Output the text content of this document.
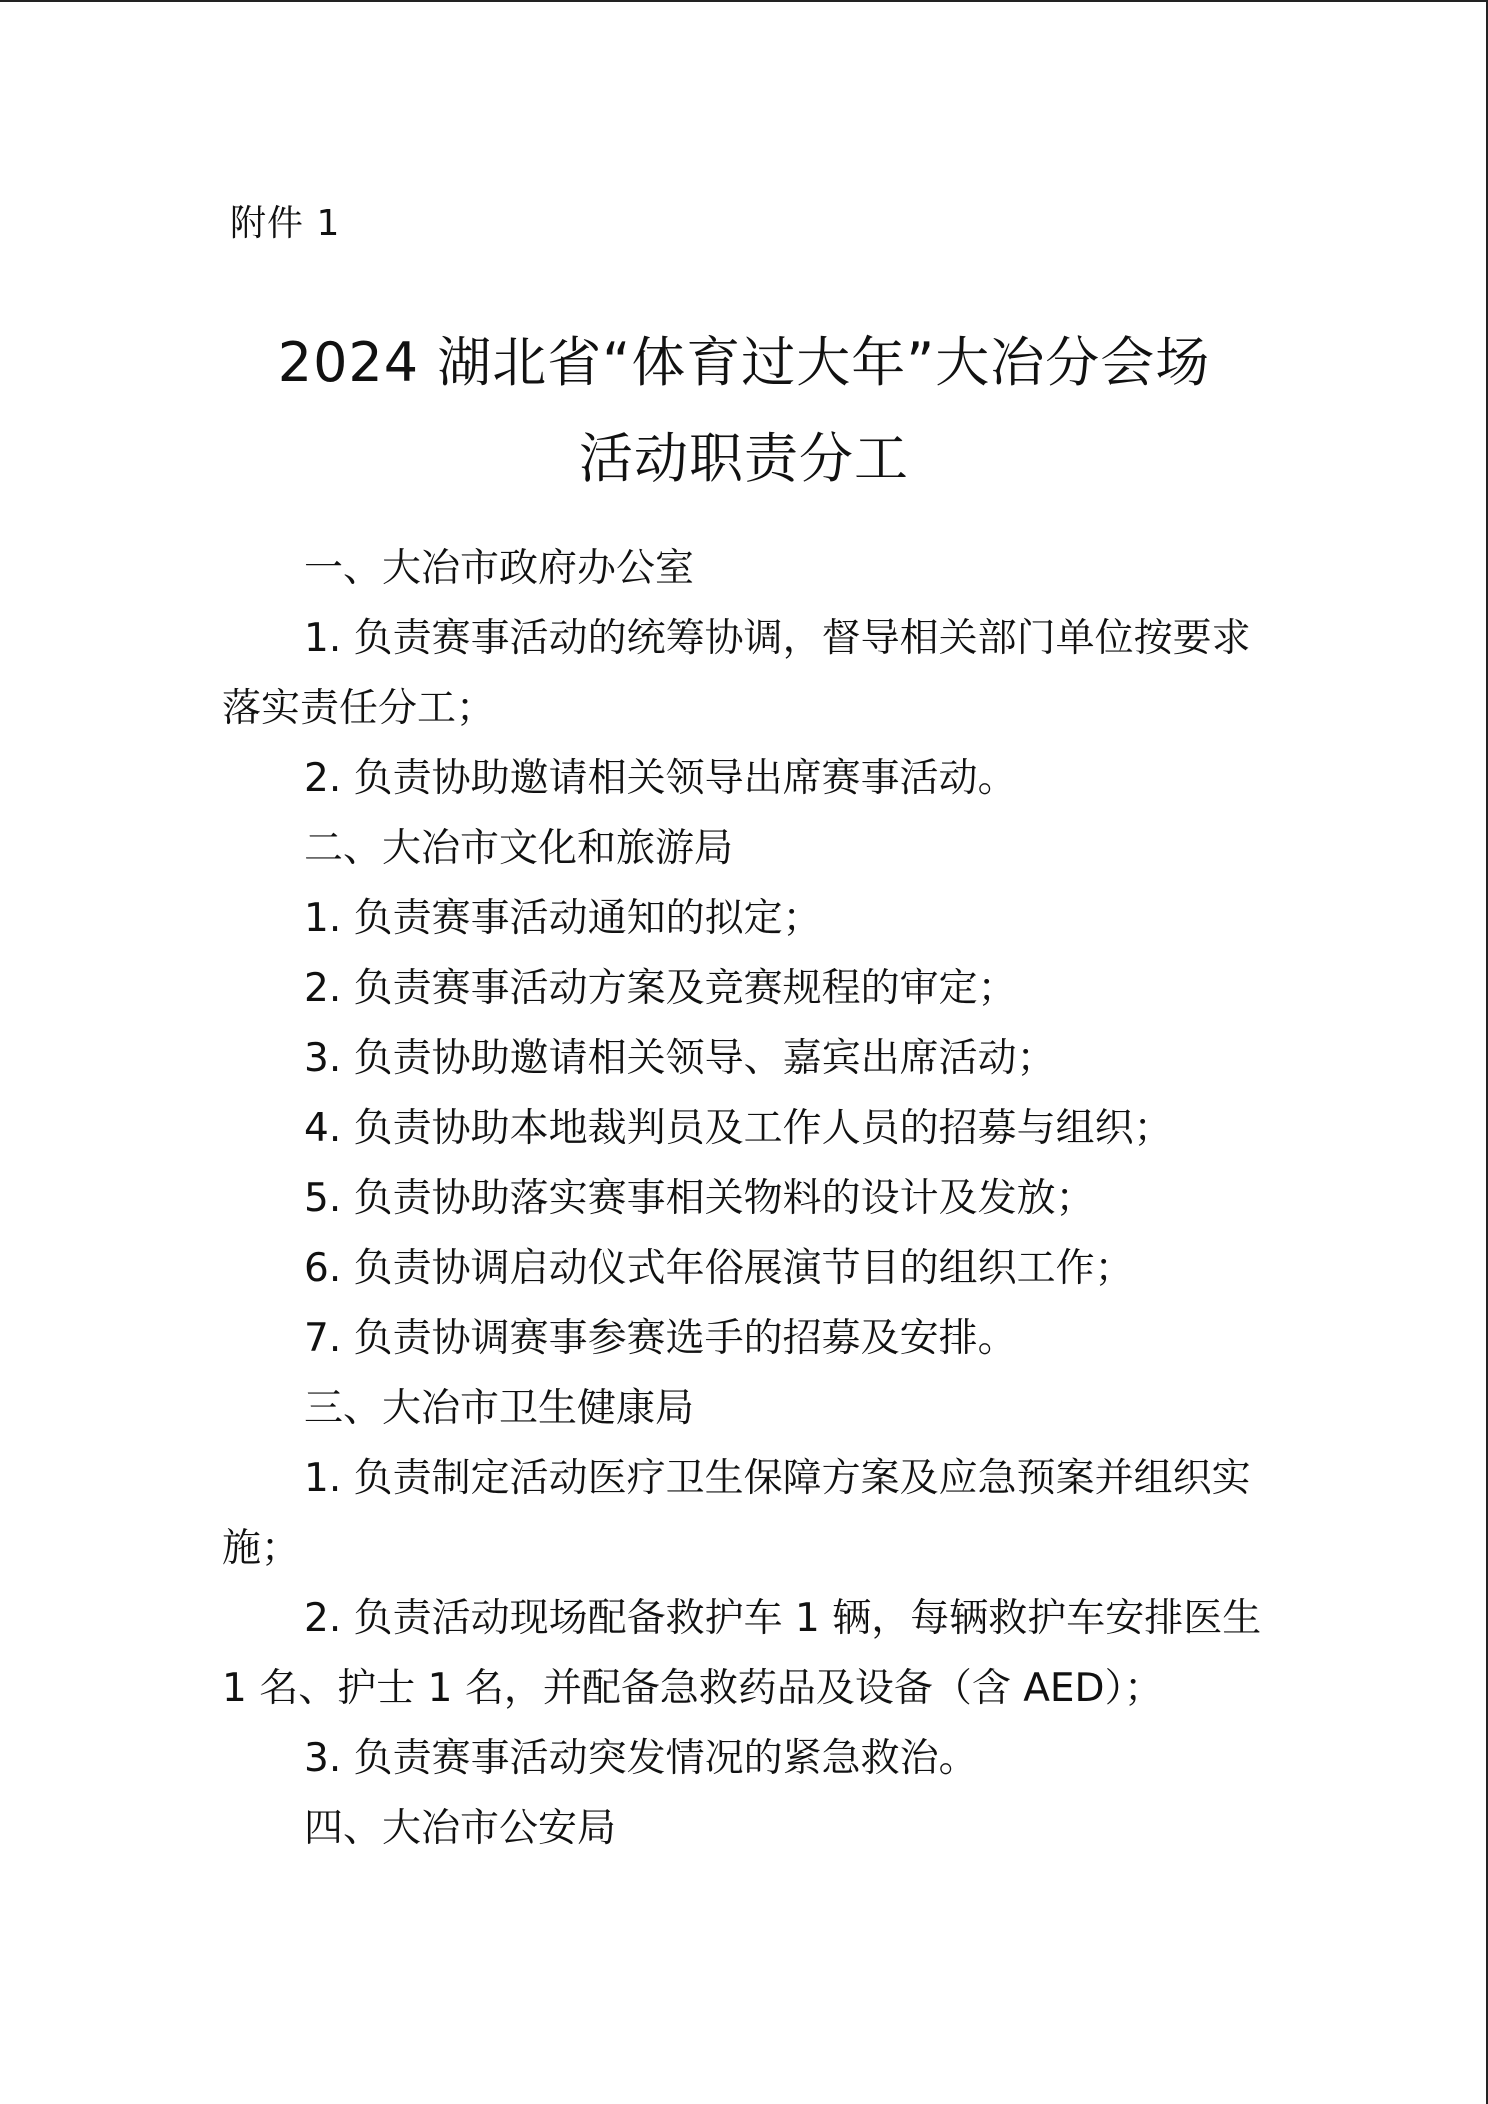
附件 1
2024 湖北省“体育过大年”大冶分会场
活动职责分工

一、大冶市政府办公室

1. 负责赛事活动的统筹协调，督导相关部门单位按要求落实责任分工；

2. 负责协助邀请相关领导出席赛事活动。

二、大冶市文化和旅游局

1. 负责赛事活动通知的拟定；

2. 负责赛事活动方案及竞赛规程的审定；

3. 负责协助邀请相关领导、嘉宾出席活动；

4. 负责协助本地裁判员及工作人员的招募与组织；

5. 负责协助落实赛事相关物料的设计及发放；

6. 负责协调启动仪式年俗展演节目的组织工作；

7. 负责协调赛事参赛选手的招募及安排。

三、大冶市卫生健康局

1. 负责制定活动医疗卫生保障方案及应急预案并组织实施；

2. 负责活动现场配备救护车 1 辆，每辆救护车安排医生 1 名、护士 1 名，并配备急救药品及设备（含 AED）；

3. 负责赛事活动突发情况的紧急救治。

四、大冶市公安局
